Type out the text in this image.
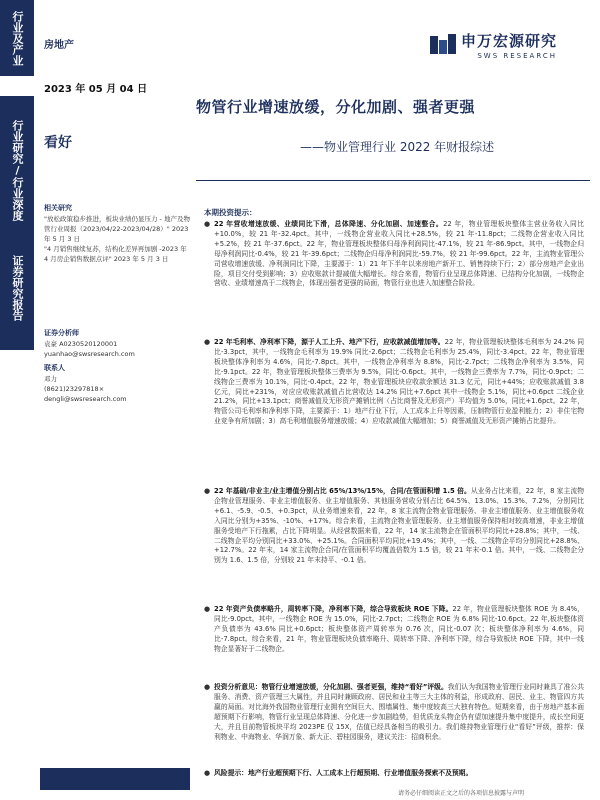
行业及产业
行业研究/行业深度
证券研究报告
房地产
2023 年 05 月 04 日
看好
申万宏源研究
SWS RESEARCH
物管行业增速放缓，分化加剧、强者更强
——物业管理行业 2022 年财报综述
相关研究
"放松政策稳步推进，板块业绩仍显压力 - 地产及物管行业周报（2023/04/22-2023/04/28）" 2023 年 5 月 3 日
"4 月销售继续复苏，结构化差异再加剧 -2023 年 4 月房企销售数据点评" 2023 年 5 月 3 日
证券分析师
袁豪 A0230520120001
yuanhao@swsresearch.com
联系人
邓力
(8621)23297818×
dengli@swsresearch.com
本期投资提示：
● 22 年营收增速放缓、业绩同比下滑，总体降速、分化加剧、加速整合。22 年，物业管理板块整体主营业务收入同比+10.0%，较 21 年-32.4pct。其中，一线物企营业收入同比+28.5%，较 21 年-11.8pct；二线物企营业收入同比+5.2%，较 21 年-37.6pct。22 年，物业管理板块整体归母净利润同比-47.1%，较 21 年-86.9pct。其中，一线物企归母净利润同比-0.4%，较 21 年-39.6pct；二线物企归母净利润同比-59.7%，较 21 年-99.6pct。22 年，主流物业管理公司营收增速放缓、净利润同比下降，主要源于：1）21 年下半年以来房地产新开工、销售持续下行；2）部分房地产企业出险，项目交付受到影响；3）应收账款计提减值大幅增长。综合来看，物管行业呈现总体降速、已结构分化加剧，一线物企营收、业绩增速高于二线物企，体现出强者更强的局面，物管行业也进入加速整合阶段。
● 22 年毛利率、净利率下降，源于人工上升、地产下行，应收款减值增加等。22 年，物业管理板块整体毛利率为 24.2% 同比-3.3pct，其中，一线物企毛利率为 19.9% 同比-2.6pct；二线物企毛利率为 25.4%，同比-3.4pct。22 年，物业管理板块整体净利率为 4.6%，同比-7.8pct。其中，一线物企净利率为 8.8%，同比-2.7pct；二线物企净利率为 3.5%，同比-9.1pct。22 年，物业管理板块整体三费率为 9.5%，同比-0.6pct。其中，一线物企三费率为 7.7%，同比-0.9pct；二线物企三费率为 10.1%，同比-0.4pct。22 年，物业管理板块应收款余额达 31.3 亿元，同比+44%；应收账款减值 3.8 亿元，同比+231%，对应应收账款减值占比营收达 14.2% 同比+7.6pct 其中一线物企 5.1%，同比+0.6pct 二线企业 21.2%，同比+13.1pct；商誉减值及无形资产摊销比例（占比商誉及无形资产）平均值为 5.0%，同比+1.6pct。22 年，物管公司毛利率和净利率下降，主要源于：1）地产行业下行，人工成本上升等因素，压制物管行业盈利能力；2）非住宅物业竞争有所加剧；3）高毛利增值服务增速放缓；4）应收款减值大幅增加；5）商誉减值及无形资产摊销占比提升。
● 22 年基础/非业主/业主增值分别占比 65%/13%/15%，合同/在管面积增 1.5 倍。从业务占比来看，22 年，8 家主流物企物业管理服务、非业主增值服务、业主增值服务、其他服务营收分别占比 64.5%、13.0%、15.3%、7.2%，分别同比+6.1、-5.9、-0.5、+0.3pct，从业务增速来看，22 年，8 家主流物企物业管理服务、非业主增值服务、业主增值服务收入同比分别为+35%、-10%、+17%。综合来看，主流物企物业管理服务、业主增值服务保持相对较高增速，非业主增值服务受地产下行拖累，占比下降明显。从经营数据来看，22 年，14 家主流物企在管面积平均同比+28.8%；其中，一线、二线物企平均分别同比+33.0%、+25.1%。合同面积平均同比+19.4%；其中，一线、二线物企平均分别同比+28.8%、+12.7%。22 年末，14 家主流物企合同/在管面积平均覆盖倍数为 1.5 倍，较 21 年末-0.1 倍。其中，一线、二线物企分别为 1.6、1.5 倍，分别较 21 年末持平、-0.1 倍。
● 22 年资产负债率略升，周转率下降，净利率下降，综合导致板块 ROE 下降。22 年，物业管理板块整体 ROE 为 8.4%，同比-9.0pct。其中，一线物企 ROE 为 15.0%，同比-2.7pct；二线物企 ROE 为 6.8% 同比-10.6pct。22 年,板块整体资产负债率为 43.6% 同比+0.6pct；板块整体资产周转率为 0.76 次，同比-0.07 次；板块整体净利率为 4.6%，同比-7.8pct。综合来看，21 年，物业管理板块负债率略升、周转率下降、净利率下降，综合导致板块 ROE 下降，其中一线物企显著好于二线物企。
● 投资分析意见：物管行业增速放缓，分化加剧、强者更强，维持“看好”评级。我们认为我国物业管理行业同时兼具了准公共服务、消费、资产管理三大属性，并且同时兼顾政府、居民和业主等三大主体的利益，形成政府、居民、业主、物管四方共赢的局面。对比海外我国物业管理行业拥有空间巨大、围墙属性、集中度较高三大独有特色。短期来看，由于房地产基本面超预期下行影响，物管行业呈现总体降速、分化进一步加剧趋势，但优质龙头物企仍有望加速提升集中度提升，成长空间更大，并且目前物管板块平均 2023PE 仅 15X，估值已经具备相当的吸引力。我们维持物业管理行业“看好”评级，推荐：保利物业、中海物业、华润万象、新大正、碧桂园服务，建议关注：招商积余。
● 风险提示：地产行业超预期下行、人工成本上行超预期、行业增值服务探索不及预期。
请务必仔细阅读正文之后的各项信息披露与声明
